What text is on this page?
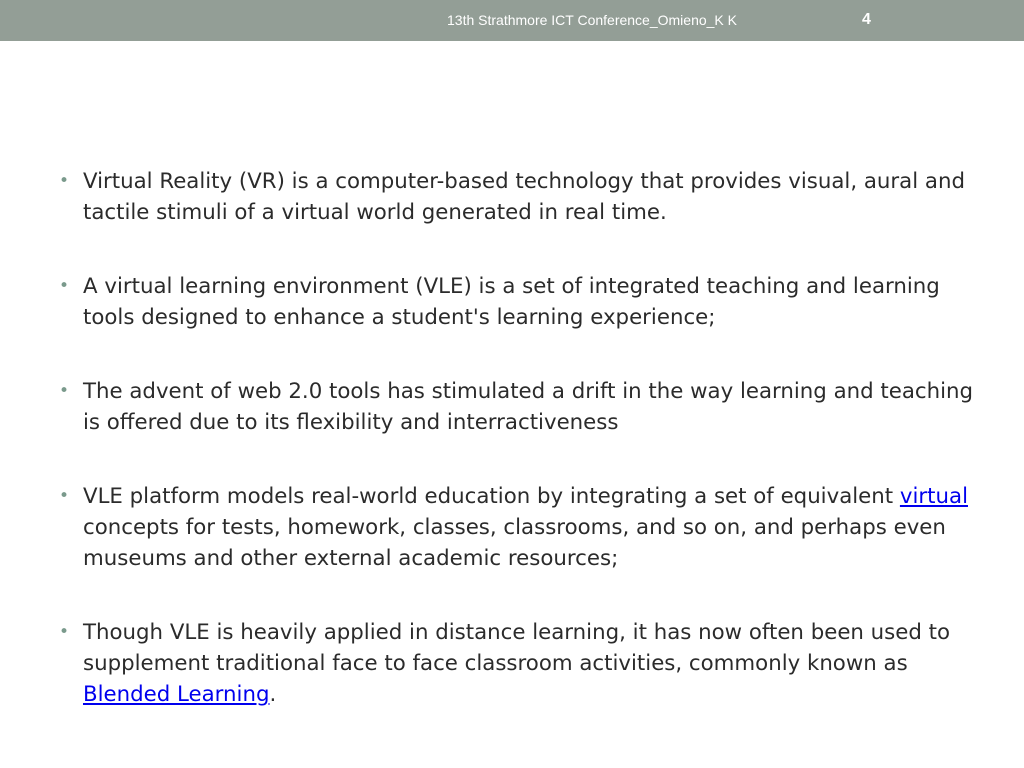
13th Strathmore ICT Conference_Omieno_K K	4
• Virtual Reality (VR) is a computer-based technology that provides visual, aural and tactile stimuli of a virtual world generated in real time.
• A virtual learning environment (VLE) is a set of integrated teaching and learning tools designed to enhance a student's learning experience;
• The advent of web 2.0 tools has stimulated a drift in the way learning and teaching is offered due to its flexibility and interractiveness
• VLE platform models real-world education by integrating a set of equivalent virtual concepts for tests, homework, classes, classrooms, and so on, and perhaps even museums and other external academic resources;
• Though VLE is heavily applied in distance learning, it has now often been used to supplement traditional face to face classroom activities, commonly known as Blended Learning.
